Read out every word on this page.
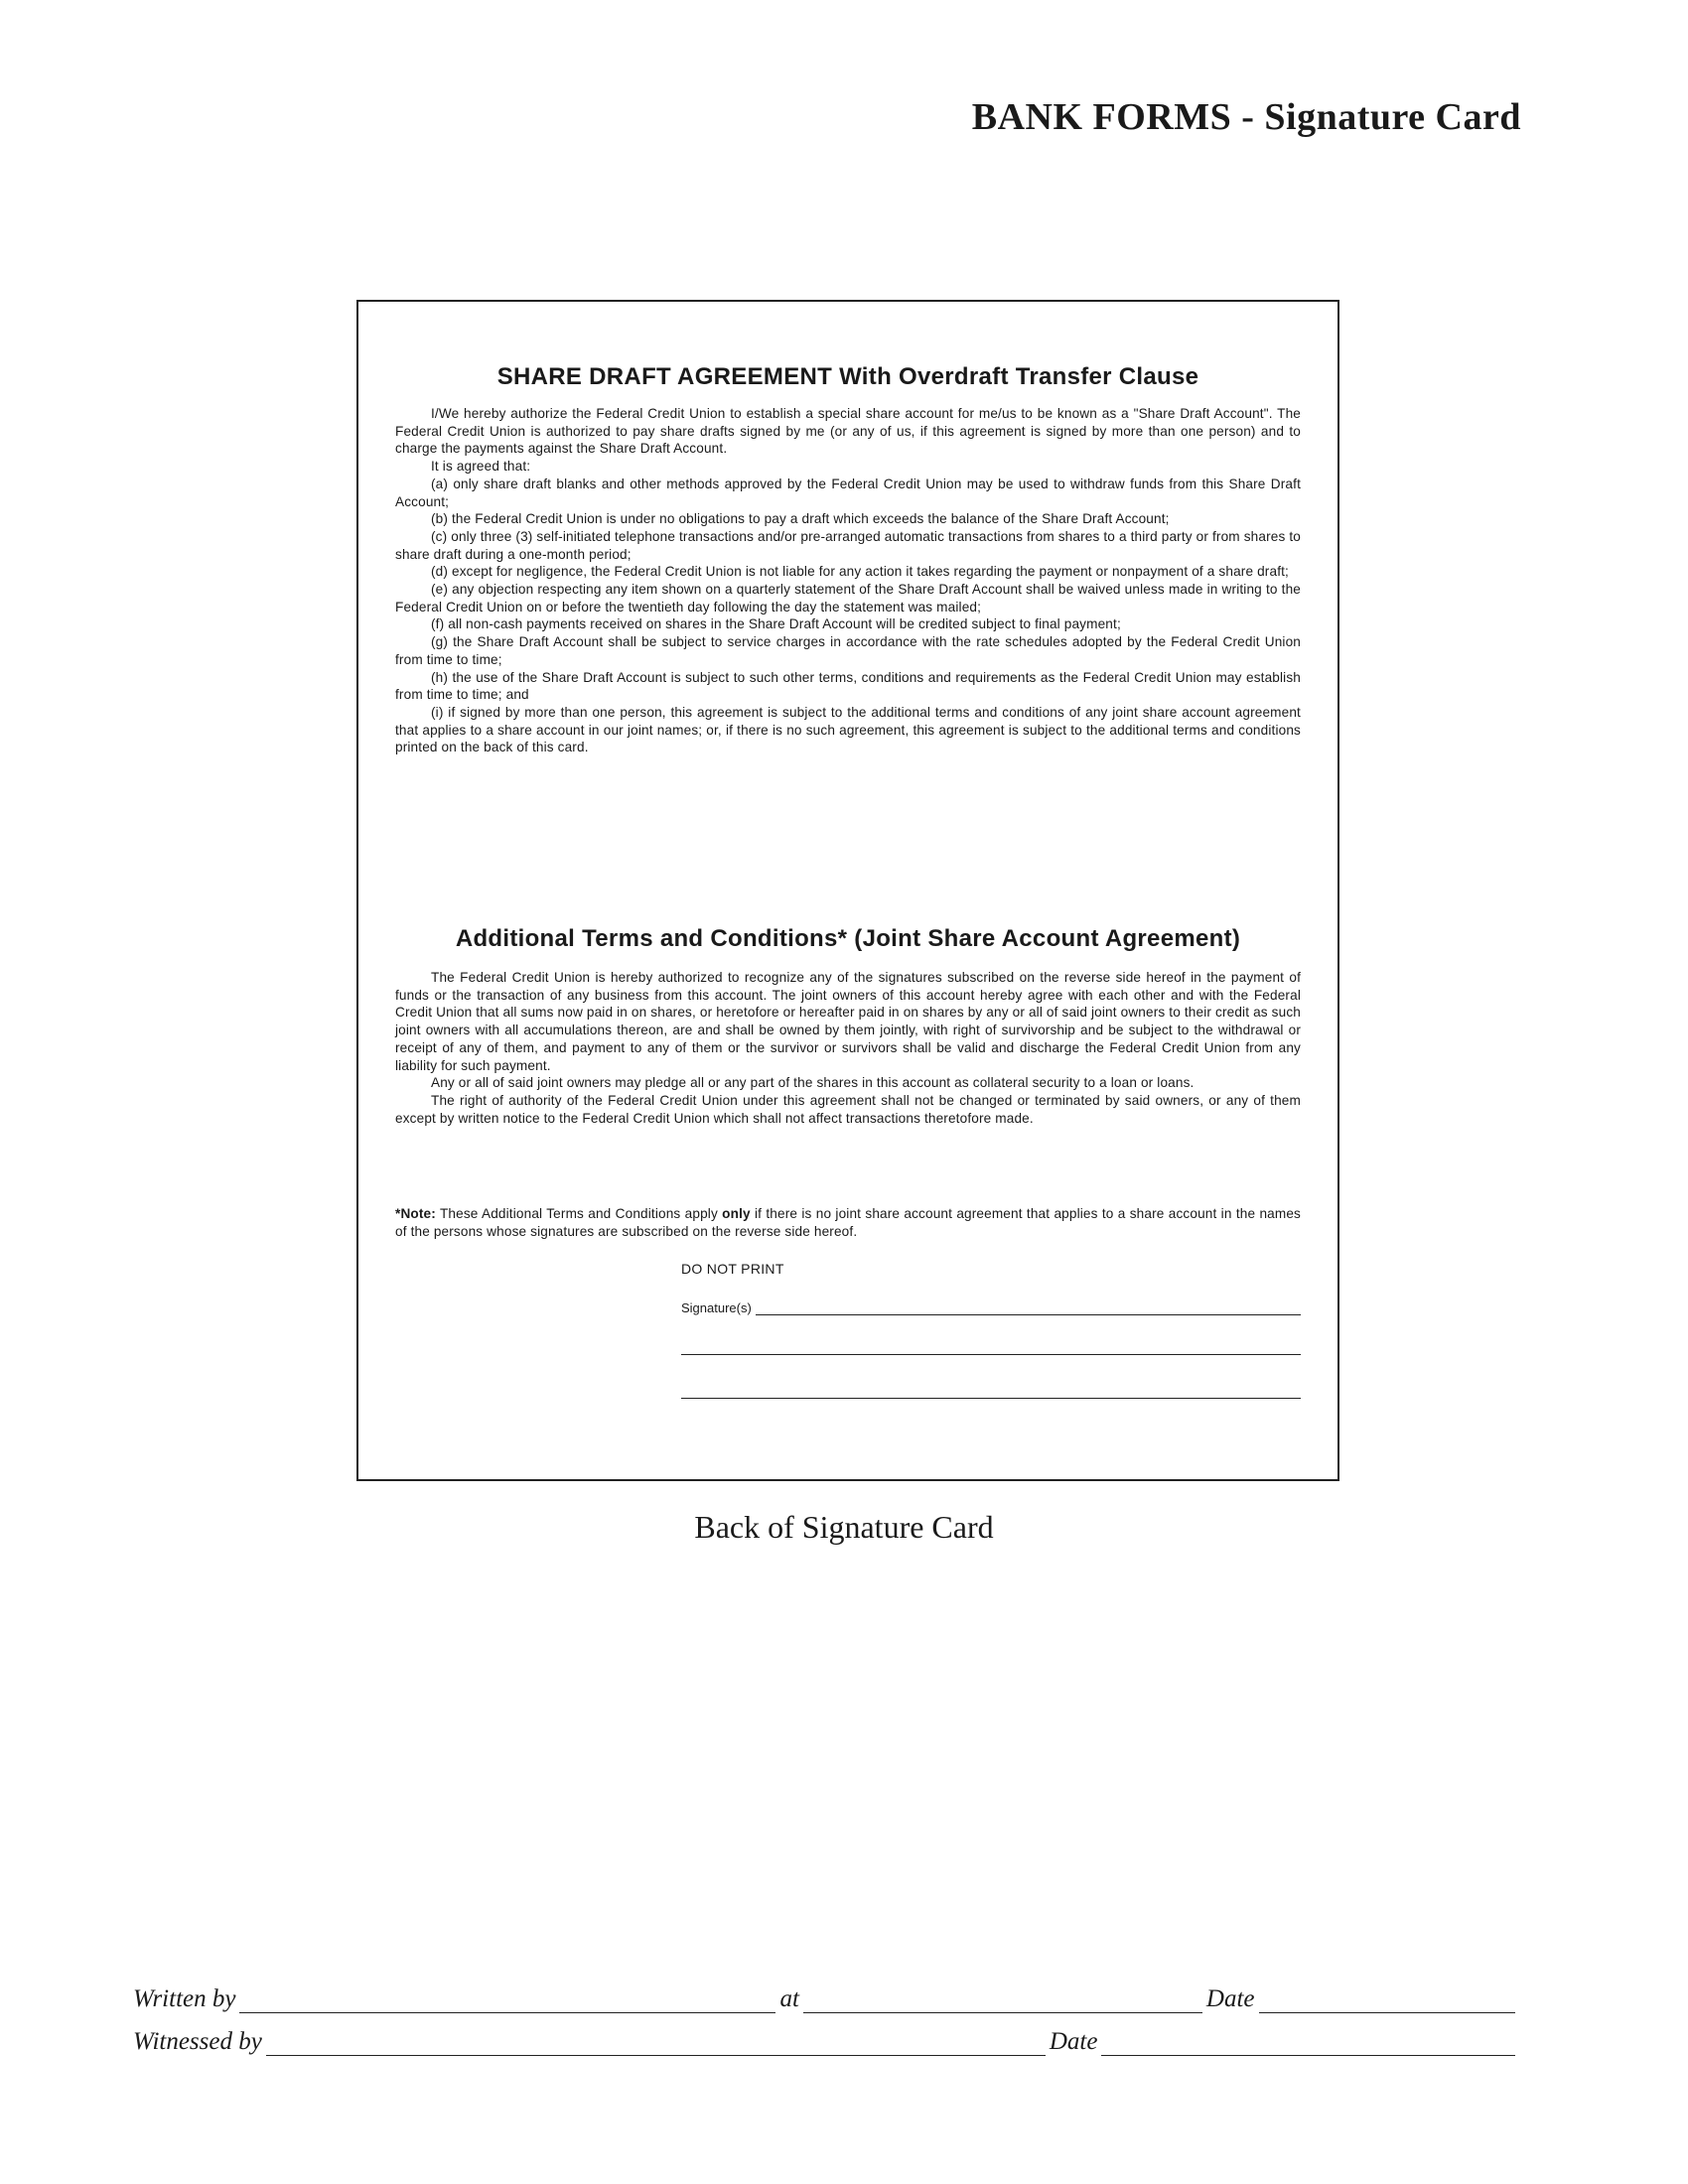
BANK FORMS - Signature Card
SHARE DRAFT AGREEMENT With Overdraft Transfer Clause

I/We hereby authorize the Federal Credit Union to establish a special share account for me/us to be known as a "Share Draft Account". The Federal Credit Union is authorized to pay share drafts signed by me (or any of us, if this agreement is signed by more than one person) and to charge the payments against the Share Draft Account.

It is agreed that:

(a) only share draft blanks and other methods approved by the Federal Credit Union may be used to withdraw funds from this Share Draft Account;

(b) the Federal Credit Union is under no obligations to pay a draft which exceeds the balance of the Share Draft Account;

(c) only three (3) self-initiated telephone transactions and/or pre-arranged automatic transactions from shares to a third party or from shares to share draft during a one-month period;

(d) except for negligence, the Federal Credit Union is not liable for any action it takes regarding the payment or nonpayment of a share draft;

(e) any objection respecting any item shown on a quarterly statement of the Share Draft Account shall be waived unless made in writing to the Federal Credit Union on or before the twentieth day following the day the statement was mailed;

(f) all non-cash payments received on shares in the Share Draft Account will be credited subject to final payment;

(g) the Share Draft Account shall be subject to service charges in accordance with the rate schedules adopted by the Federal Credit Union from time to time;

(h) the use of the Share Draft Account is subject to such other terms, conditions and requirements as the Federal Credit Union may establish from time to time; and

(i) if signed by more than one person, this agreement is subject to the additional terms and conditions of any joint share account agreement that applies to a share account in our joint names; or, if there is no such agreement, this agreement is subject to the additional terms and conditions printed on the back of this card.

Additional Terms and Conditions* (Joint Share Account Agreement)

The Federal Credit Union is hereby authorized to recognize any of the signatures subscribed on the reverse side hereof in the payment of funds or the transaction of any business from this account. The joint owners of this account hereby agree with each other and with the Federal Credit Union that all sums now paid in on shares, or heretofore or hereafter paid in on shares by any or all of said joint owners to their credit as such joint owners with all accumulations thereon, are and shall be owned by them jointly, with right of survivorship and be subject to the withdrawal or receipt of any of them, and payment to any of them or the survivor or survivors shall be valid and discharge the Federal Credit Union from any liability for such payment.

Any or all of said joint owners may pledge all or any part of the shares in this account as collateral security to a loan or loans.

The right of authority of the Federal Credit Union under this agreement shall not be changed or terminated by said owners, or any of them except by written notice to the Federal Credit Union which shall not affect transactions theretofore made.

*Note: These Additional Terms and Conditions apply only if there is no joint share account agreement that applies to a share account in the names of the persons whose signatures are subscribed on the reverse side hereof.
DO NOT PRINT
Signature(s)
Back of Signature Card
Written by	at	Date
Witnessed by	Date
